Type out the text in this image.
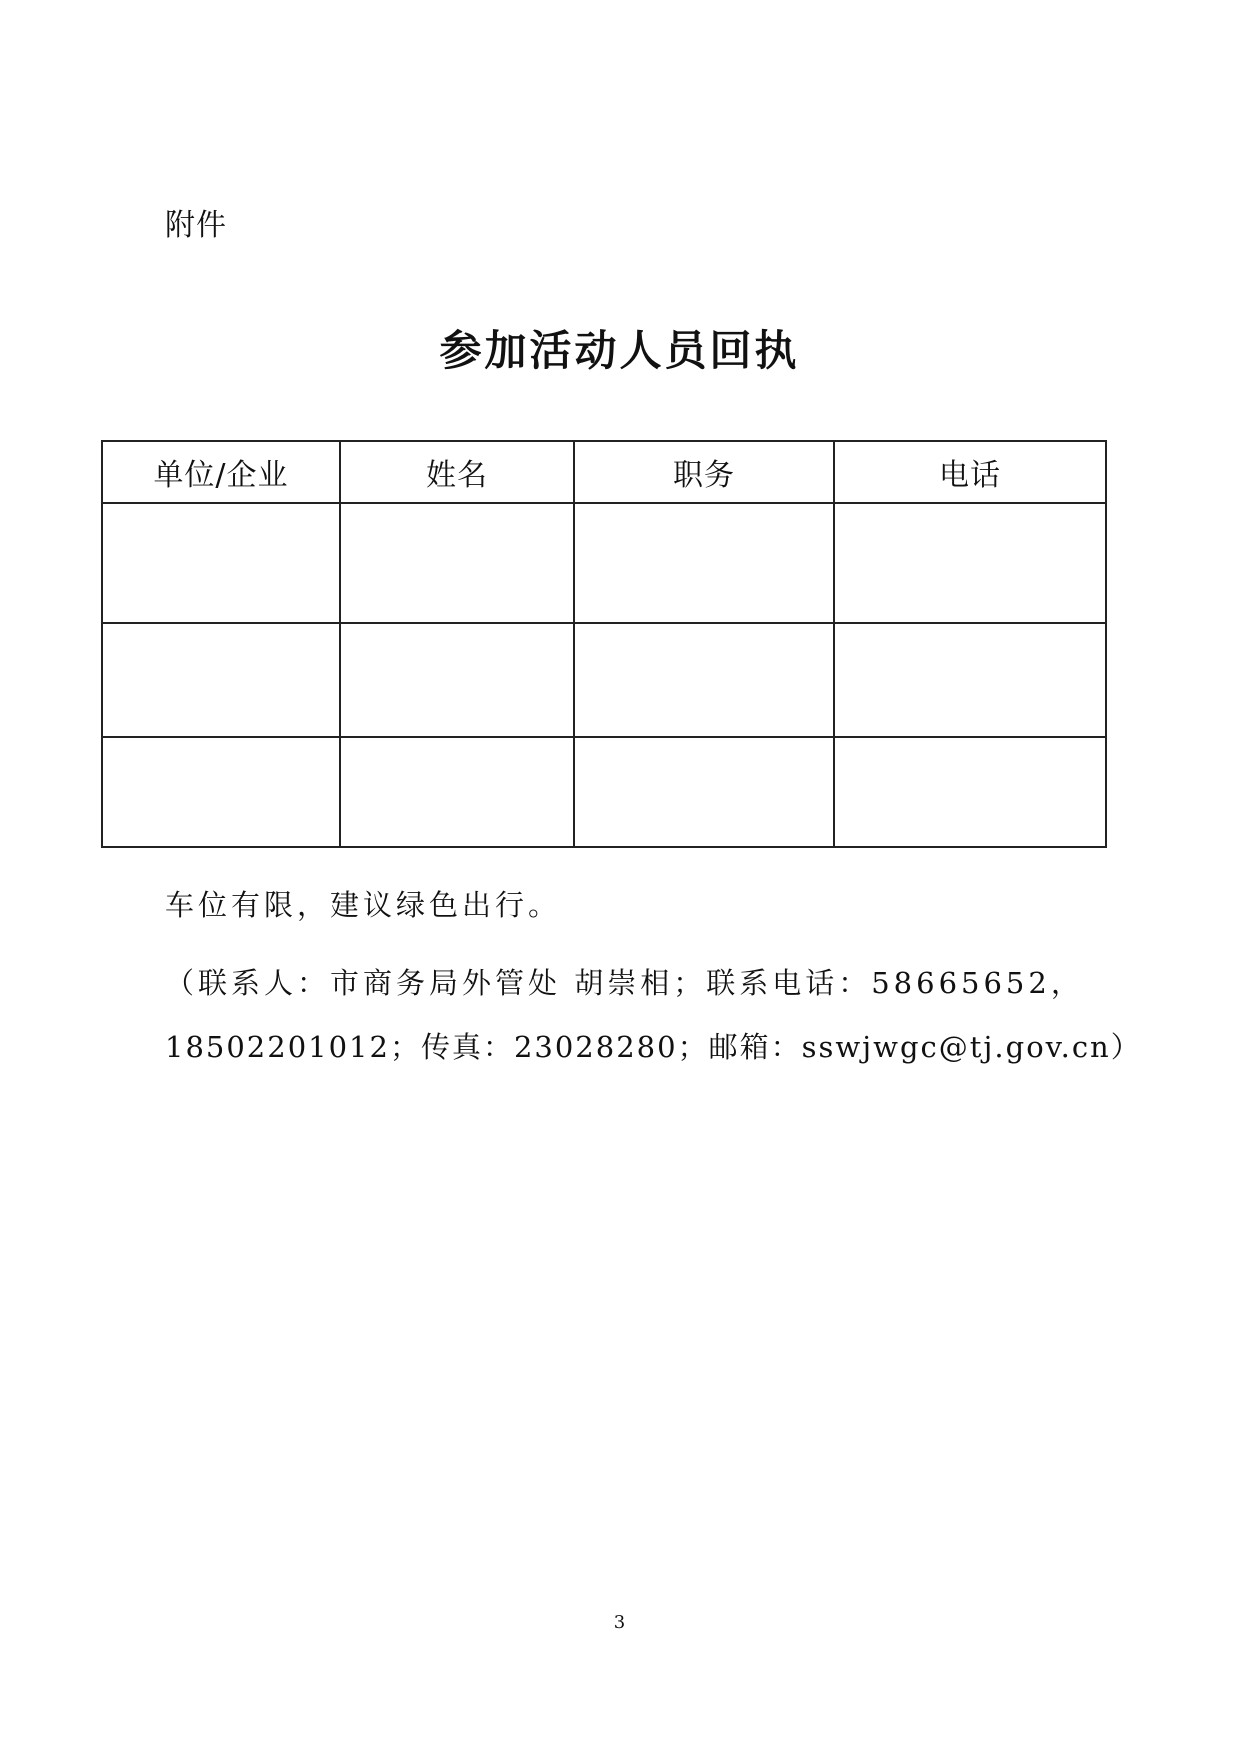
附件
参加活动人员回执
单位/企业	姓名	职务	电话

车位有限，建议绿色出行。
（联系人：市商务局外管处 胡崇相；联系电话：58665652，
18502201012；传真：23028280；邮箱：sswjwgc@tj.gov.cn）
3
